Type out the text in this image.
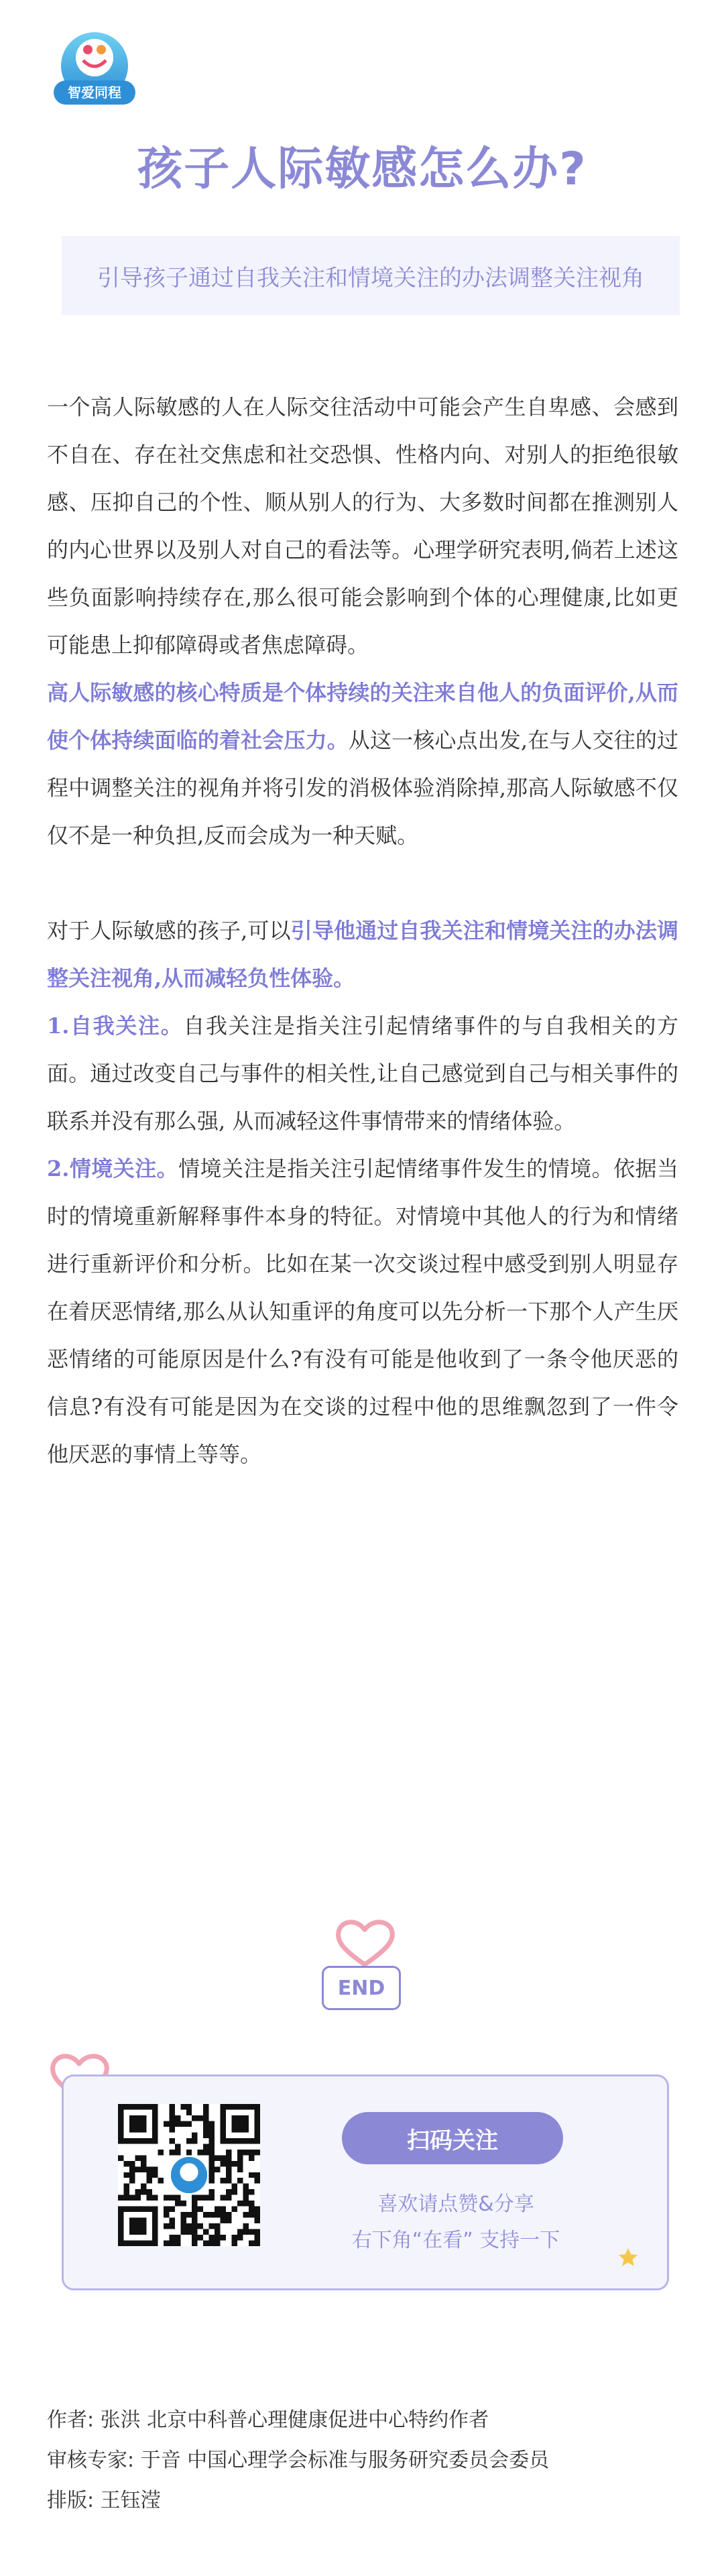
智爱同程
孩子人际敏感怎么办?
引导孩子通过自我关注和情境关注的办法调整关注视角

一个高人际敏感的人在人际交往活动中可能会产生自卑感、会感到不自在、存在社交焦虑和社交恐惧、性格内向、对别人的拒绝很敏感、压抑自己的个性、顺从别人的行为、大多数时间都在推测别人的内心世界以及别人对自己的看法等。心理学研究表明,倘若上述这些负面影响持续存在,那么很可能会影响到个体的心理健康,比如更可能患上抑郁障碍或者焦虑障碍。

高人际敏感的核心特质是个体持续的关注来自他人的负面评价,从而使个体持续面临的着社会压力。从这一核心点出发,在与人交往的过程中调整关注的视角并将引发的消极体验消除掉,那高人际敏感不仅仅不是一种负担,反而会成为一种天赋。

对于人际敏感的孩子,可以引导他通过自我关注和情境关注的办法调整关注视角,从而减轻负性体验。

1.自我关注。自我关注是指关注引起情绪事件的与自我相关的方面。通过改变自己与事件的相关性,让自己感觉到自己与相关事件的联系并没有那么强, 从而减轻这件事情带来的情绪体验。

2.情境关注。情境关注是指关注引起情绪事件发生的情境。依据当时的情境重新解释事件本身的特征。对情境中其他人的行为和情绪进行重新评价和分析。比如在某一次交谈过程中感受到别人明显存在着厌恶情绪,那么从认知重评的角度可以先分析一下那个人产生厌恶情绪的可能原因是什么?有没有可能是他收到了一条令他厌恶的信息?有没有可能是因为在交谈的过程中他的思维飘忽到了一件令他厌恶的事情上等等。

END
扫码关注
喜欢请点赞&分享
右下角“在看” 支持一下

作者: 张洪 北京中科普心理健康促进中心特约作者

审核专家: 于音 中国心理学会标准与服务研究委员会委员

排版: 王钰滢
